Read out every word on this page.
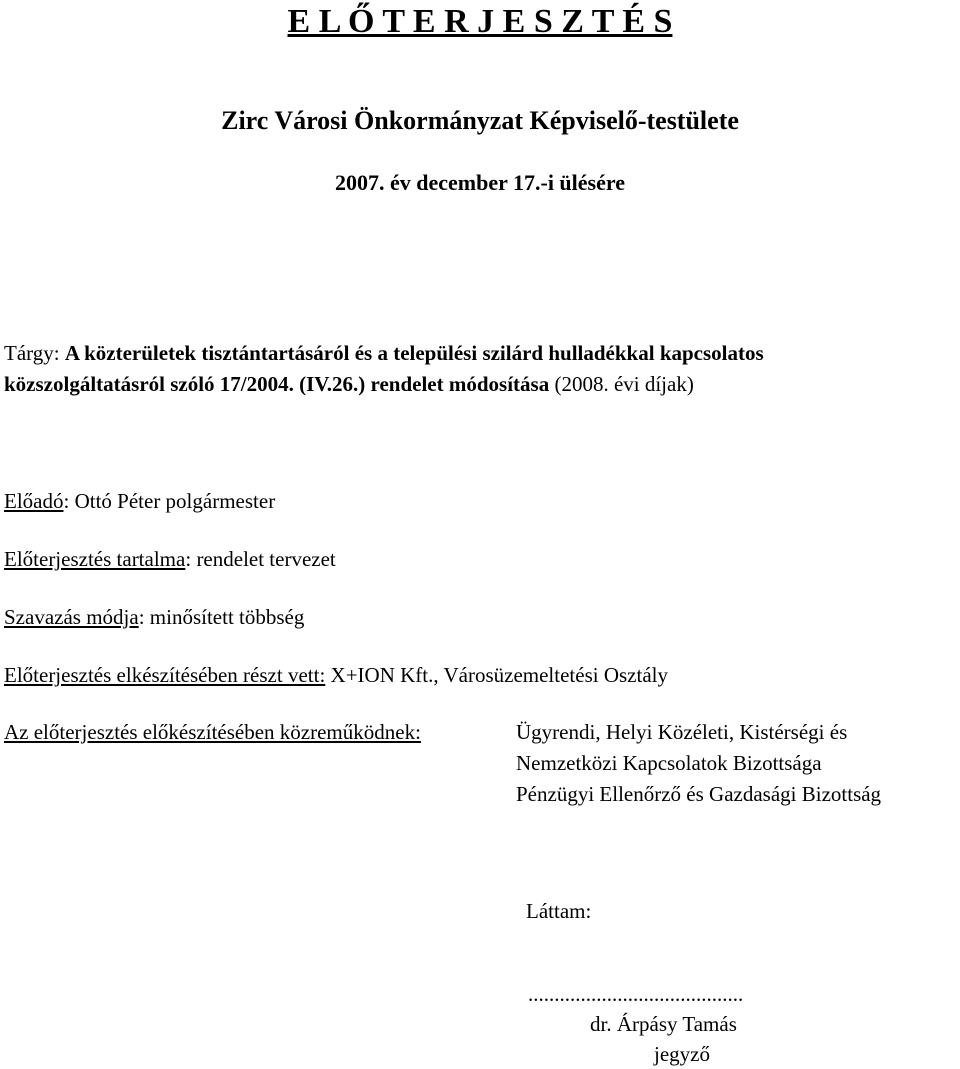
E L Ő T E R J E S Z T É S
Zirc Városi Önkormányzat Képviselő-testülete
2007. év december 17.-i ülésére
Tárgy: A közterületek tisztántartásáról és a települési szilárd hulladékkal kapcsolatos
közszolgáltatásról szóló 17/2004. (IV.26.) rendelet módosítása (2008. évi díjak)
Előadó: Ottó Péter polgármester
Előterjesztés tartalma: rendelet tervezet
Szavazás módja: minősített többség
Előterjesztés elkészítésében részt vett: X+ION Kft., Városüzemeltetési Osztály
Az előterjesztés előkészítésében közreműködnek:	Ügyrendi, Helyi Közéleti, Kistérségi és
Nemzetközi Kapcsolatok Bizottsága
Pénzügyi Ellenőrző és Gazdasági Bizottság
Láttam:
.........................................
dr. Árpásy Tamás
jegyző
